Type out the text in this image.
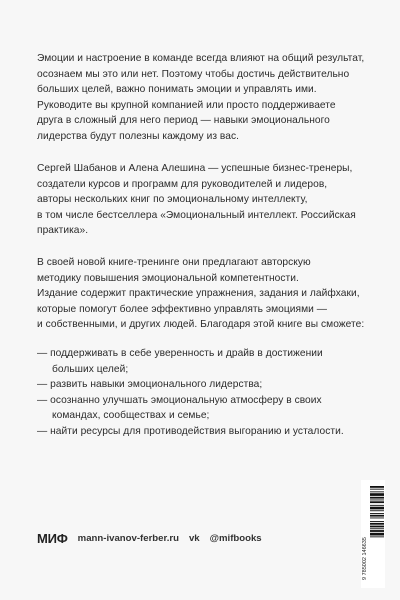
Эмоции и настроение в команде всегда влияют на общий результат,
осознаем мы это или нет. Поэтому чтобы достичь действительно
больших целей, важно понимать эмоции и управлять ими.
Руководите вы крупной компанией или просто поддерживаете
друга в сложный для него период — навыки эмоционального
лидерства будут полезны каждому из вас.
Сергей Шабанов и Алена Алешина — успешные бизнес-тренеры,
создатели курсов и программ для руководителей и лидеров,
авторы нескольких книг по эмоциональному интеллекту,
в том числе бестселлера «Эмоциональный интеллект. Российская
практика».
В своей новой книге-тренинге они предлагают авторскую
методику повышения эмоциональной компетентности.
Издание содержит практические упражнения, задания и лайфхаки,
которые помогут более эффективно управлять эмоциями —
и собственными, и других людей. Благодаря этой книге вы сможете:
— поддерживать в себе уверенность и драйв в достижении
больших целей;
— развить навыки эмоционального лидерства;
— осознанно улучшать эмоциональную атмосферу в своих
командах, сообществах и семье;
— найти ресурсы для противодействия выгоранию и усталости.
МИФ mann-ivanov-ferber.ru vk @mifbooks	9 785002 146635
